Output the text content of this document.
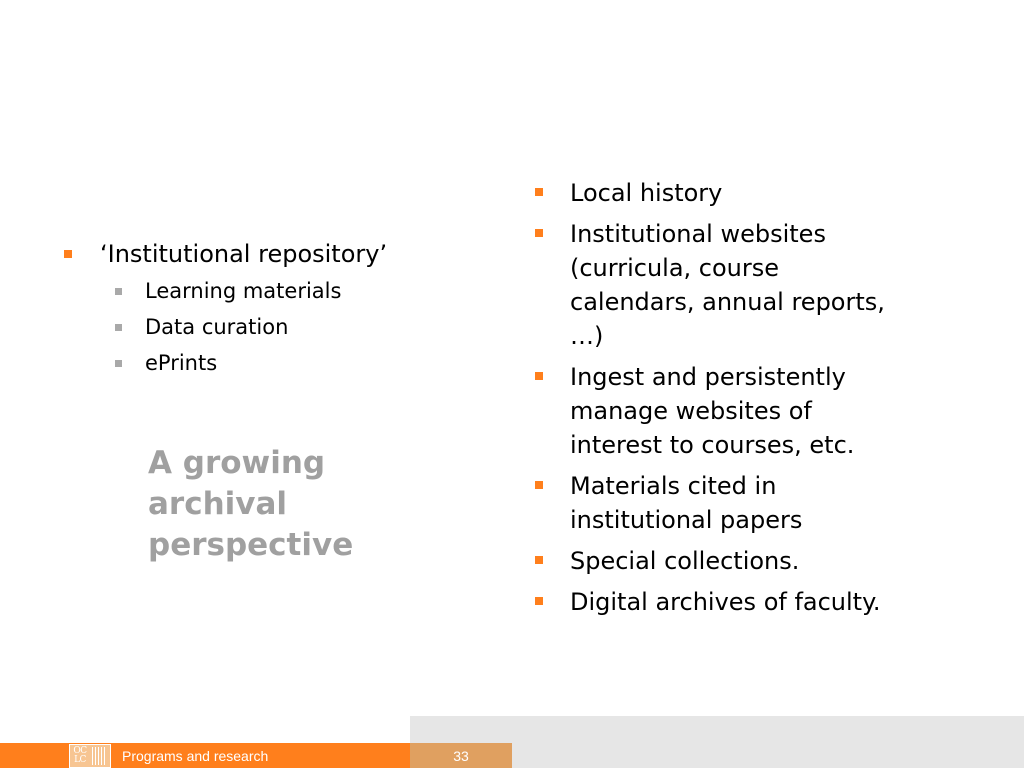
‘Institutional repository’
Learning materials
Data curation
ePrints
A growing
archival
perspective
Local history
Institutional websites
(curricula, course
calendars, annual reports,
…)
Ingest and persistently
manage websites of
interest to courses, etc.
Materials cited in
institutional papers
Special collections.
Digital archives of faculty.
OC
LC	Programs and research	33
